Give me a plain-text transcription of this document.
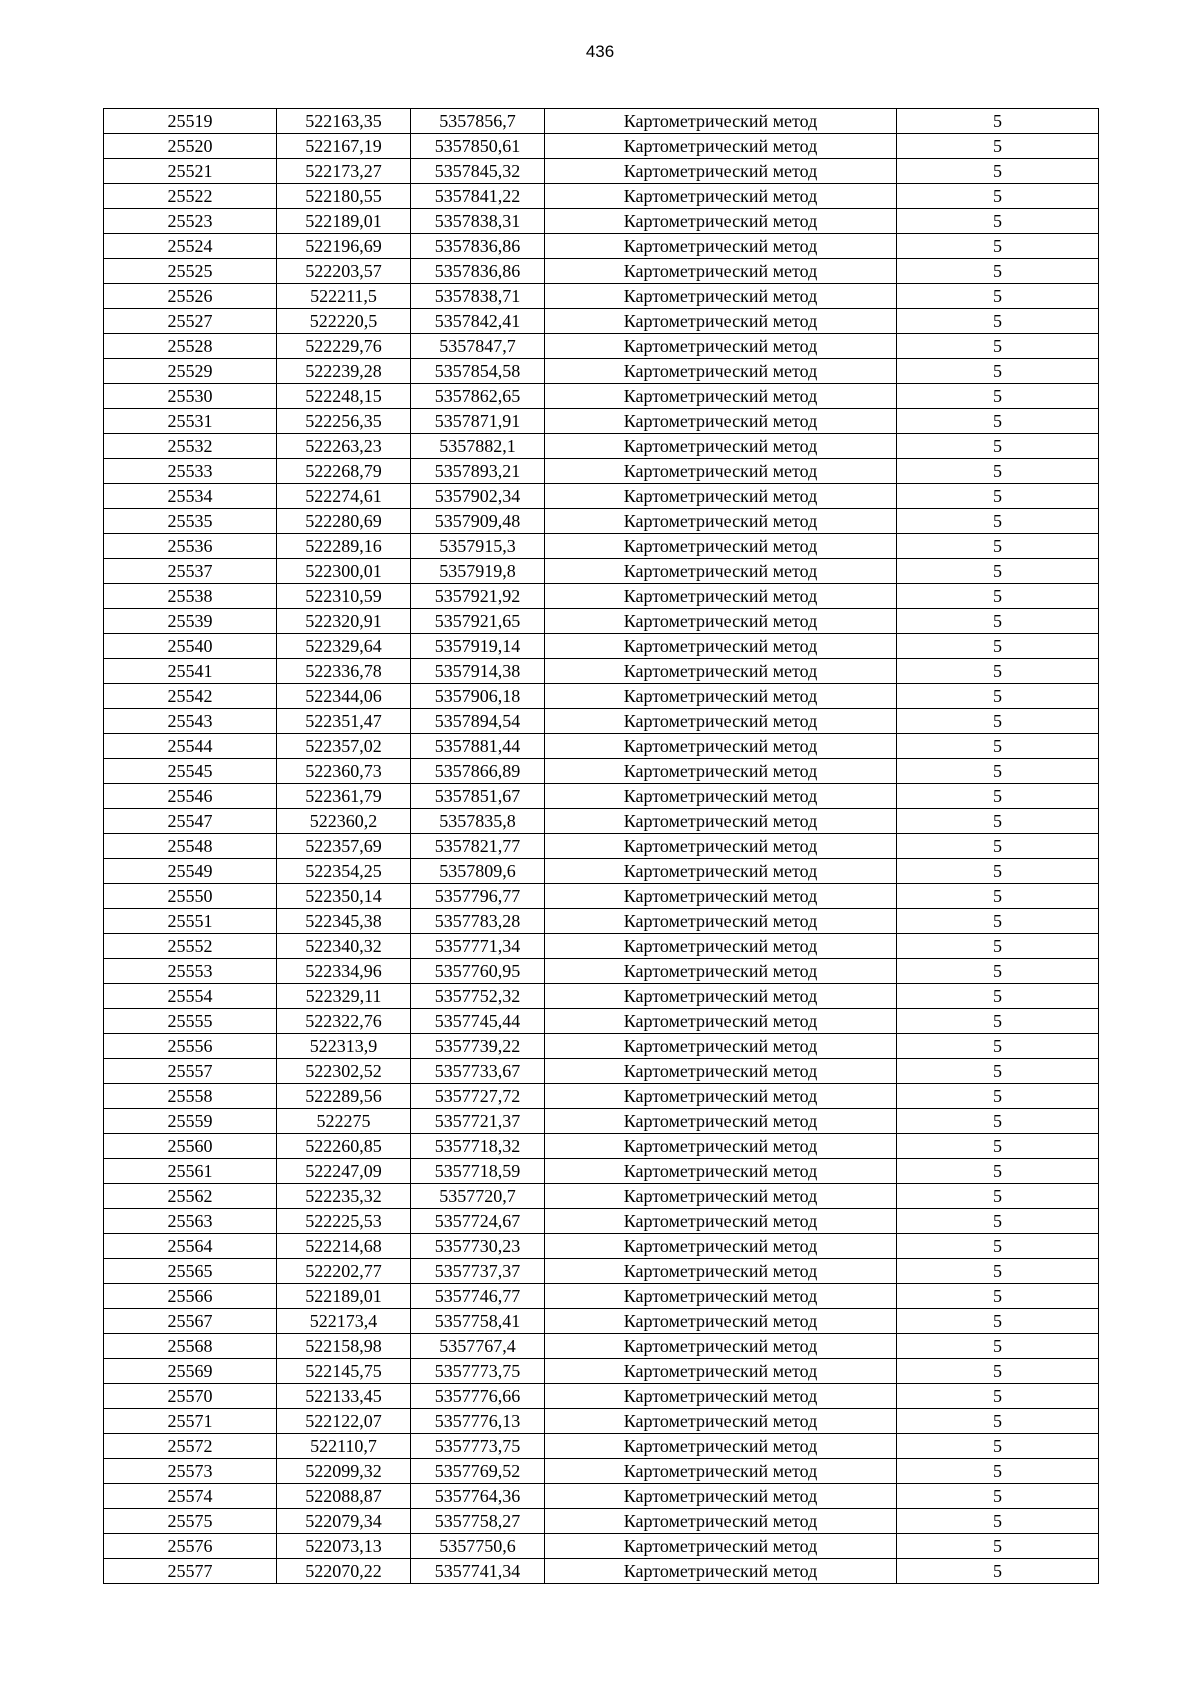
436
25519	522163,35	5357856,7	Картометрический метод	5
25520	522167,19	5357850,61	Картометрический метод	5
25521	522173,27	5357845,32	Картометрический метод	5
25522	522180,55	5357841,22	Картометрический метод	5
25523	522189,01	5357838,31	Картометрический метод	5
25524	522196,69	5357836,86	Картометрический метод	5
25525	522203,57	5357836,86	Картометрический метод	5
25526	522211,5	5357838,71	Картометрический метод	5
25527	522220,5	5357842,41	Картометрический метод	5
25528	522229,76	5357847,7	Картометрический метод	5
25529	522239,28	5357854,58	Картометрический метод	5
25530	522248,15	5357862,65	Картометрический метод	5
25531	522256,35	5357871,91	Картометрический метод	5
25532	522263,23	5357882,1	Картометрический метод	5
25533	522268,79	5357893,21	Картометрический метод	5
25534	522274,61	5357902,34	Картометрический метод	5
25535	522280,69	5357909,48	Картометрический метод	5
25536	522289,16	5357915,3	Картометрический метод	5
25537	522300,01	5357919,8	Картометрический метод	5
25538	522310,59	5357921,92	Картометрический метод	5
25539	522320,91	5357921,65	Картометрический метод	5
25540	522329,64	5357919,14	Картометрический метод	5
25541	522336,78	5357914,38	Картометрический метод	5
25542	522344,06	5357906,18	Картометрический метод	5
25543	522351,47	5357894,54	Картометрический метод	5
25544	522357,02	5357881,44	Картометрический метод	5
25545	522360,73	5357866,89	Картометрический метод	5
25546	522361,79	5357851,67	Картометрический метод	5
25547	522360,2	5357835,8	Картометрический метод	5
25548	522357,69	5357821,77	Картометрический метод	5
25549	522354,25	5357809,6	Картометрический метод	5
25550	522350,14	5357796,77	Картометрический метод	5
25551	522345,38	5357783,28	Картометрический метод	5
25552	522340,32	5357771,34	Картометрический метод	5
25553	522334,96	5357760,95	Картометрический метод	5
25554	522329,11	5357752,32	Картометрический метод	5
25555	522322,76	5357745,44	Картометрический метод	5
25556	522313,9	5357739,22	Картометрический метод	5
25557	522302,52	5357733,67	Картометрический метод	5
25558	522289,56	5357727,72	Картометрический метод	5
25559	522275	5357721,37	Картометрический метод	5
25560	522260,85	5357718,32	Картометрический метод	5
25561	522247,09	5357718,59	Картометрический метод	5
25562	522235,32	5357720,7	Картометрический метод	5
25563	522225,53	5357724,67	Картометрический метод	5
25564	522214,68	5357730,23	Картометрический метод	5
25565	522202,77	5357737,37	Картометрический метод	5
25566	522189,01	5357746,77	Картометрический метод	5
25567	522173,4	5357758,41	Картометрический метод	5
25568	522158,98	5357767,4	Картометрический метод	5
25569	522145,75	5357773,75	Картометрический метод	5
25570	522133,45	5357776,66	Картометрический метод	5
25571	522122,07	5357776,13	Картометрический метод	5
25572	522110,7	5357773,75	Картометрический метод	5
25573	522099,32	5357769,52	Картометрический метод	5
25574	522088,87	5357764,36	Картометрический метод	5
25575	522079,34	5357758,27	Картометрический метод	5
25576	522073,13	5357750,6	Картометрический метод	5
25577	522070,22	5357741,34	Картометрический метод	5
